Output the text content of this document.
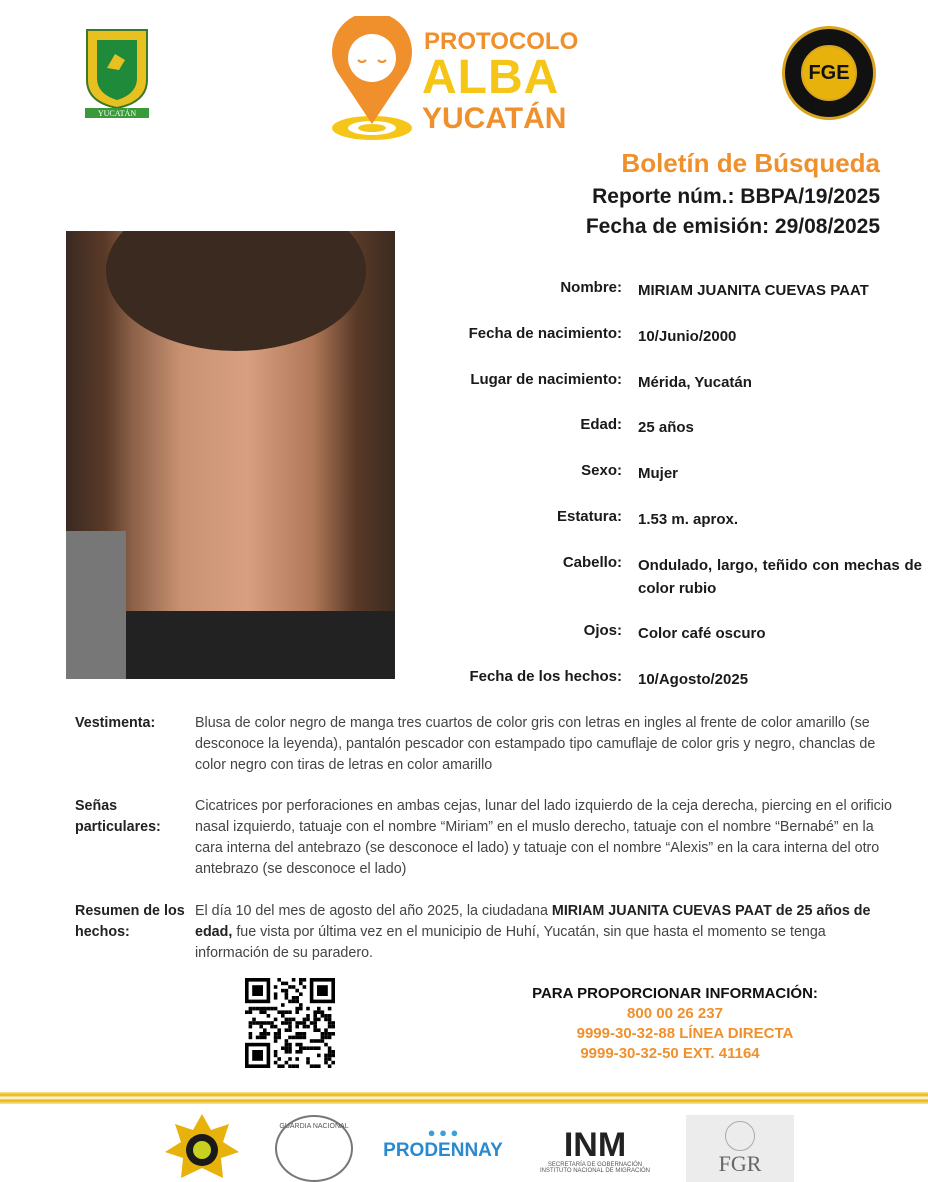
YUCATÁN
PROTOCOLO
ALBA
YUCATÁN
FGE
Boletín de Búsqueda
Reporte núm.: BBPA/19/2025
Fecha de emisión: 29/08/2025
Nombre: MIRIAM JUANITA CUEVAS PAAT
Fecha de nacimiento: 10/Junio/2000
Lugar de nacimiento: Mérida, Yucatán
Edad: 25 años
Sexo: Mujer
Estatura: 1.53 m. aprox.
Cabello: Ondulado, largo, teñido con mechas de color rubio
Ojos: Color café oscuro
Fecha de los hechos: 10/Agosto/2025
Vestimenta:	Blusa de color negro de manga tres cuartos de color gris con letras en ingles al frente de color amarillo (se desconoce la leyenda), pantalón pescador con estampado tipo camuflaje de color gris y negro, chanclas de color negro con tiras de letras en color amarillo
Señas particulares:
Cicatrices por perforaciones en ambas cejas, lunar del lado izquierdo de la ceja derecha, piercing en el orificio nasal izquierdo, tatuaje con el nombre “Miriam” en el muslo derecho, tatuaje con el nombre “Bernabé” en la cara interna del antebrazo (se desconoce el lado) y tatuaje con el nombre “Alexis” en la cara interna del otro antebrazo (se desconoce el lado)
Resumen de los hechos:
El día 10 del mes de agosto del año 2025, la ciudadana MIRIAM JUANITA CUEVAS PAAT de 25 años de edad, fue vista por última vez en el municipio de Huhí, Yucatán, sin que hasta el momento se tenga información de su paradero.
PARA PROPORCIONAR INFORMACIÓN:
800 00 26 237
9999-30-32-88 LÍNEA DIRECTA
9999-30-32-50 EXT. 41164
GUARDIA NACIONAL	● ● ●
PRODENNAY INM
SECRETARÍA DE GOBERNACIÓN
INSTITUTO NACIONAL DE MIGRACIÓN	FGR
